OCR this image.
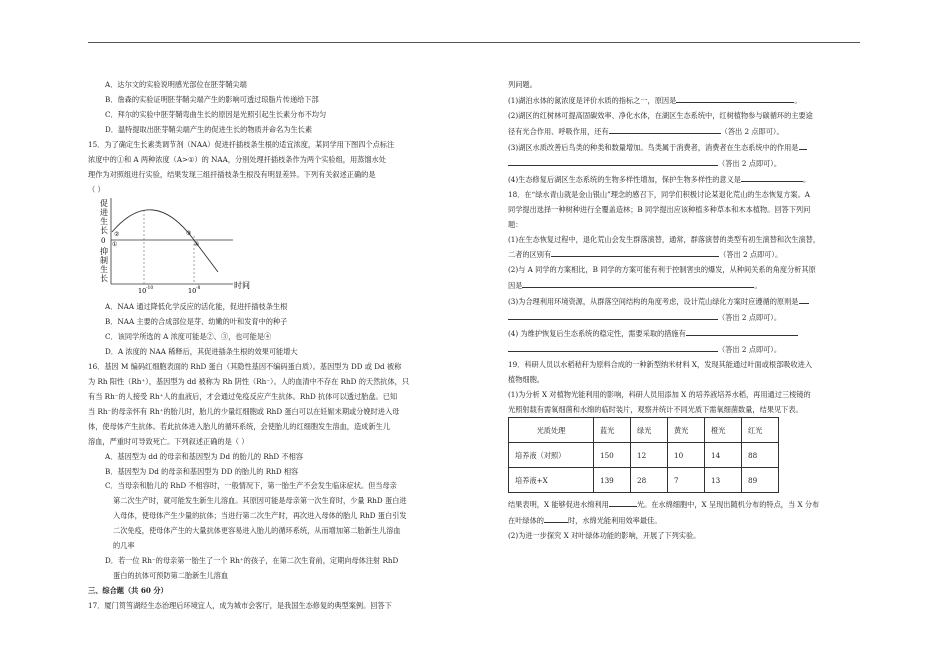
A．达尔文的实验说明感光部位在胚芽鞘尖端

B．詹森的实验证明胚芽鞘尖端产生的影响可透过琼脂片传递给下部

C．拜尔的实验中胚芽鞘弯曲生长的原因是光照引起生长素分布不均匀

D．温特提取出胚芽鞘尖端产生的促进生长的物质并命名为生长素

15．为了确定生长素类调节剂（NAA）促进扦插枝条生根的适宜浓度，某同学用下图四个点标注

浓度中的①和 A 两种浓度（A>①）的 NAA，分别处理扦插枝条作为两个实验组，用蒸馏水处

理作为对照组进行实验，结果发现三组扦插枝条生根没有明显差异。下列有关叙述正确的是

（ ）

促
进
生
长
0
抑
制
生
长
①
②	③
④
10 -10	10 -8	时间

A．NAA 通过降低化学反应的活化能，促进扦插枝条生根

B．NAA 主要的合成部位是芽、幼嫩的叶和发育中的种子

C．该同学所选的 A 浓度可能是②、③，也可能是④

D．A 浓度的 NAA 稀释后，其促进插条生根的效果可能增大

16．基因 M 编码红细胞表面的 RhD 蛋白（其隐性基因不编码蛋白质）。基因型为 DD 或 Dd 被称

为 Rh 阳性（Rh⁺），基因型为 dd 被称为 Rh 阴性（Rh⁻）。人的血清中不存在 RhD 的天然抗体，只

有当 Rh⁻的人接受 Rh⁺人的血液后，才会通过免疫反应产生抗体。RhD 抗体可以透过胎盘。已知

当 Rh⁻的母亲怀有 Rh⁺的胎儿时，胎儿的少量红细胞或 RhD 蛋白可以在妊娠末期或分娩时进入母

体，使母体产生抗体。若此抗体进入胎儿的循环系统，会使胎儿的红细胞发生溶血，造成新生儿

溶血，严重时可导致死亡。下列叙述正确的是（ ）

A．基因型为 dd 的母亲和基因型为 Dd 的胎儿的 RhD 不相容

B．基因型为 Dd 的母亲和基因型为 DD 的胎儿的 RhD 相容

C．当母亲和胎儿的 RhD 不相容时，一般情况下，第一胎生产不会发生临床症状。但当母亲

第二次生产时，就可能发生新生儿溶血。其原因可能是母亲第一次生育时，少量 RhD 蛋白进

入母体，使母体产生少量的抗体；当进行第二次生产时，再次进入母体的胎儿 RhD 蛋白引发

二次免疫，使母体产生的大量抗体更容易进入胎儿的循环系统，从而增加第二胎新生儿溶血

的几率

D．若一位 Rh⁻的母亲第一胎生了一个 Rh⁺的孩子，在第二次生育前，定期向母体注射 RhD

蛋白的抗体可预防第二胎新生儿溶血

三、综合题（共 60 分）

17．厦门筼筜湖经生态治理后环境宜人，成为城市会客厅，是我国生态修复的典型案例。回答下

列问题。

(1)湖泊水体的氮浓度是评价水质的指标之一，原因是	。

(2)湖区的红树林可提高固碳效率、净化水体，在湖区生态系统中，红树植物参与碳循环的主要途

径有光合作用、呼吸作用，还有	（答出 2 点即可）。

(3)湖区水质改善后鸟类的种类和数量增加。鸟类属于消费者，消费者在生态系统中的作用是

（答出 2 点即可）。

(4)生态修复后湖区生态系统的生物多样性增加，保护生物多样性的意义是	。

18．在“绿水青山就是金山银山”理念的感召下，同学们积极讨论某退化荒山的生态恢复方案。A

同学提出选择一种树种进行全覆盖造林；B 同学提出应该种植多种草本和木本植物。回答下列问

题：

(1)在生态恢复过程中，退化荒山会发生群落演替，通常，群落演替的类型有初生演替和次生演替，

二者的区别有	（答出 2 点即可）。

(2)与 A 同学的方案相比，B 同学的方案可能有利于控制害虫的爆发，从种间关系的角度分析其原

因是	。

(3)为合理利用环境资源，从群落空间结构的角度考虑，设计荒山绿化方案时应遵循的原则是

（答出 2 点即可）。

(4) 为维护恢复后生态系统的稳定性，需要采取的措施有

（答出 2 点即可）。

19．科研人员以水稻秸秆为原料合成的一种新型纳米材料 X，发现其能通过叶面或根部吸收进入

植物细胞。

(1)为分析 X 对植物光能利用的影响，科研人员用添加 X 的培养液培养水稻，再用通过三棱镜的

光照射载有需氧细菌和水绵的临时装片，观察并统计不同光质下需氧细菌数量，结果见下表。

光质处理	蓝光	绿光	黄光	橙光	红光
培养液（对照）	150	12	10	14	88
培养液+X	139	28	7	13	89

结果表明，X 能够促进水绵利用	光。在水绵细胞中，X 呈现出随机分布的特点，当 X 分布

在叶绿体的	时，水绵光能利用效率最佳。

(2)为进一步探究 X 对叶绿体功能的影响，开展了下列实验。
